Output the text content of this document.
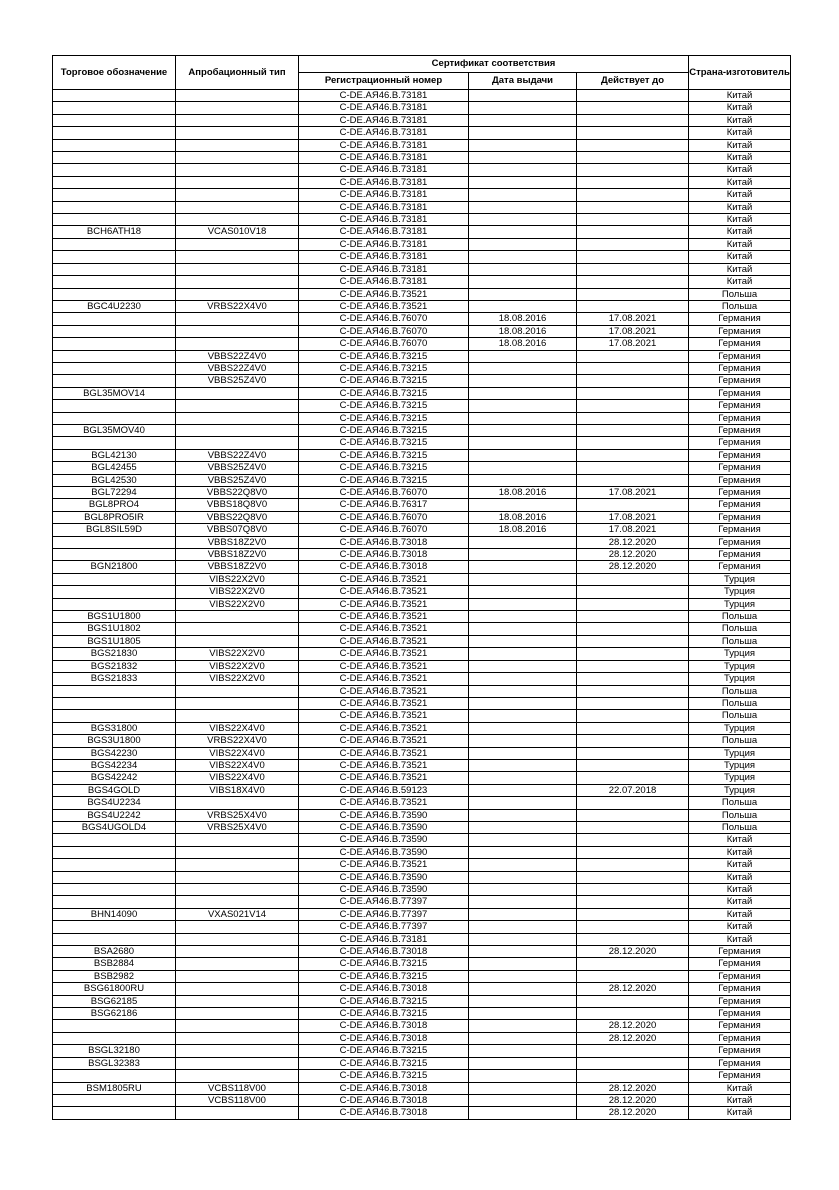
Торговое обозначение	Апробационный тип	Сертификат соответствия			Страна-изготовитель
		Регистрационный номер	Дата выдачи	Действует до	
		C-DE.АЯ46.В.73181			Китай
		C-DE.АЯ46.В.73181			Китай
		C-DE.АЯ46.В.73181			Китай
		C-DE.АЯ46.В.73181			Китай
		C-DE.АЯ46.В.73181			Китай
		C-DE.АЯ46.В.73181			Китай
		C-DE.АЯ46.В.73181			Китай
		C-DE.АЯ46.В.73181			Китай
		C-DE.АЯ46.В.73181			Китай
		C-DE.АЯ46.В.73181			Китай
		C-DE.АЯ46.В.73181			Китай
BCH6ATH18	VCAS010V18	C-DE.АЯ46.В.73181			Китай
		C-DE.АЯ46.В.73181			Китай
		C-DE.АЯ46.В.73181			Китай
		C-DE.АЯ46.В.73181			Китай
		C-DE.АЯ46.В.73181			Китай
		C-DE.АЯ46.В.73521			Польша
BGC4U2230	VRBS22X4V0	C-DE.АЯ46.В.73521			Польша
		C-DE.АЯ46.В.76070	18.08.2016	17.08.2021	Германия
		C-DE.АЯ46.В.76070	18.08.2016	17.08.2021	Германия
		C-DE.АЯ46.В.76070	18.08.2016	17.08.2021	Германия
	VBBS22Z4V0	C-DE.АЯ46.В.73215			Германия
	VBBS22Z4V0	C-DE.АЯ46.В.73215			Германия
	VBBS25Z4V0	C-DE.АЯ46.В.73215			Германия
BGL35MOV14		C-DE.АЯ46.В.73215			Германия
		C-DE.АЯ46.В.73215			Германия
		C-DE.АЯ46.В.73215			Германия
BGL35MOV40		C-DE.АЯ46.В.73215			Германия
		C-DE.АЯ46.В.73215			Германия
BGL42130	VBBS22Z4V0	C-DE.АЯ46.В.73215			Германия
BGL42455	VBBS25Z4V0	C-DE.АЯ46.В.73215			Германия
BGL42530	VBBS25Z4V0	C-DE.АЯ46.В.73215			Германия
BGL72294	VBBS22Q8V0	C-DE.АЯ46.В.76070	18.08.2016	17.08.2021	Германия
BGL8PRO4	VBBS18Q8V0	C-DE.АЯ46.В.76317			Германия
BGL8PRO5IR	VBBS22Q8V0	C-DE.АЯ46.В.76070	18.08.2016	17.08.2021	Германия
BGL8SIL59D	VBBS07Q8V0	C-DE.АЯ46.В.76070	18.08.2016	17.08.2021	Германия
	VBBS18Z2V0	C-DE.АЯ46.В.73018		28.12.2020	Германия
	VBBS18Z2V0	C-DE.АЯ46.В.73018		28.12.2020	Германия
BGN21800	VBBS18Z2V0	C-DE.АЯ46.В.73018		28.12.2020	Германия
	VIBS22X2V0	C-DE.АЯ46.В.73521			Турция
	VIBS22X2V0	C-DE.АЯ46.В.73521			Турция
	VIBS22X2V0	C-DE.АЯ46.В.73521			Турция
BGS1U1800		C-DE.АЯ46.В.73521			Польша
BGS1U1802		C-DE.АЯ46.В.73521			Польша
BGS1U1805		C-DE.АЯ46.В.73521			Польша
BGS21830	VIBS22X2V0	C-DE.АЯ46.В.73521			Турция
BGS21832	VIBS22X2V0	C-DE.АЯ46.В.73521			Турция
BGS21833	VIBS22X2V0	C-DE.АЯ46.В.73521			Турция
		C-DE.АЯ46.В.73521			Польша
		C-DE.АЯ46.В.73521			Польша
		C-DE.АЯ46.В.73521			Польша
BGS31800	VIBS22X4V0	C-DE.АЯ46.В.73521			Турция
BGS3U1800	VRBS22X4V0	C-DE.АЯ46.В.73521			Польша
BGS42230	VIBS22X4V0	C-DE.АЯ46.В.73521			Турция
BGS42234	VIBS22X4V0	C-DE.АЯ46.В.73521			Турция
BGS42242	VIBS22X4V0	C-DE.АЯ46.В.73521			Турция
BGS4GOLD	VIBS18X4V0	C-DE.АЯ46.В.59123		22.07.2018	Турция
BGS4U2234		C-DE.АЯ46.В.73521			Польша
BGS4U2242	VRBS25X4V0	C-DE.АЯ46.В.73590			Польша
BGS4UGOLD4	VRBS25X4V0	C-DE.АЯ46.В.73590			Польша
		C-DE.АЯ46.В.73590			Китай
		C-DE.АЯ46.В.73590			Китай
		C-DE.АЯ46.В.73521			Китай
		C-DE.АЯ46.В.73590			Китай
		C-DE.АЯ46.В.73590			Китай
		C-DE.АЯ46.В.77397			Китай
BHN14090	VXAS021V14	C-DE.АЯ46.В.77397			Китай
		C-DE.АЯ46.В.77397			Китай
		C-DE.АЯ46.В.73181			Китай
BSA2680		C-DE.АЯ46.В.73018		28.12.2020	Германия
BSB2884		C-DE.АЯ46.В.73215			Германия
BSB2982		C-DE.АЯ46.В.73215			Германия
BSG61800RU		C-DE.АЯ46.В.73018		28.12.2020	Германия
BSG62185		C-DE.АЯ46.В.73215			Германия
BSG62186		C-DE.АЯ46.В.73215			Германия
		C-DE.АЯ46.В.73018		28.12.2020	Германия
		C-DE.АЯ46.В.73018		28.12.2020	Германия
BSGL32180		C-DE.АЯ46.В.73215			Германия
BSGL32383		C-DE.АЯ46.В.73215			Германия
		C-DE.АЯ46.В.73215			Германия
BSM1805RU	VCBS118V00	C-DE.АЯ46.В.73018		28.12.2020	Китай
	VCBS118V00	C-DE.АЯ46.В.73018		28.12.2020	Китай
		C-DE.АЯ46.В.73018		28.12.2020	Китай
